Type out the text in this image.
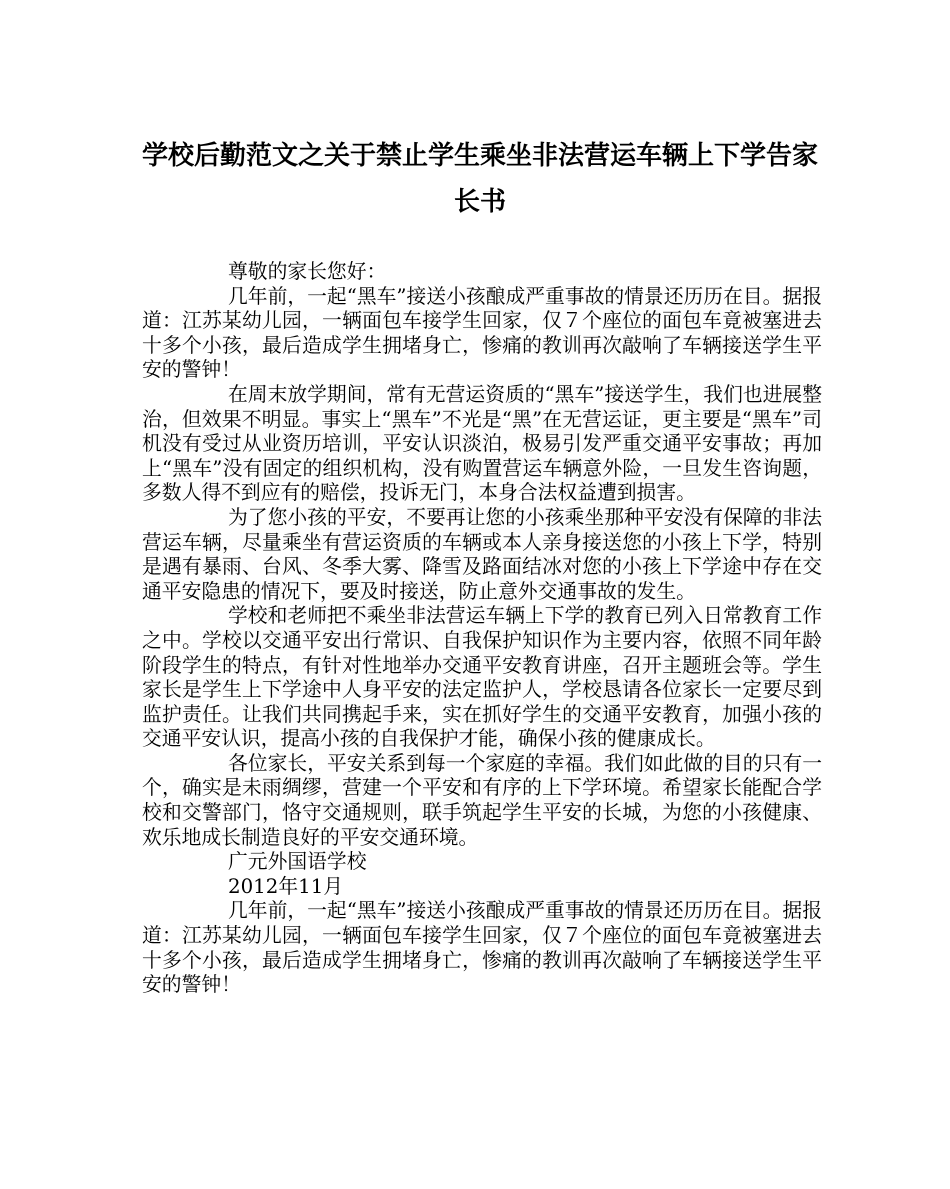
学校后勤范文之关于禁止学生乘坐非法营运车辆上下学告家长书

尊敬的家长您好：

几年前，一起“黑车”接送小孩酿成严重事故的情景还历历在目。据报道：江苏某幼儿园，一辆面包车接学生回家，仅７个座位的面包车竟被塞进去十多个小孩，最后造成学生拥堵身亡，惨痛的教训再次敲响了车辆接送学生平安的警钟！

在周末放学期间，常有无营运资质的“黑车”接送学生，我们也进展整治，但效果不明显。事实上“黑车”不光是“黑”在无营运证，更主要是“黑车”司机没有受过从业资历培训，平安认识淡泊，极易引发严重交通平安事故；再加上“黑车”没有固定的组织机构，没有购置营运车辆意外险，一旦发生咨询题，多数人得不到应有的赔偿，投诉无门，本身合法权益遭到损害。

为了您小孩的平安，不要再让您的小孩乘坐那种平安没有保障的非法营运车辆，尽量乘坐有营运资质的车辆或本人亲身接送您的小孩上下学，特别是遇有暴雨、台风、冬季大雾、降雪及路面结冰对您的小孩上下学途中存在交通平安隐患的情况下，要及时接送，防止意外交通事故的发生。

学校和老师把不乘坐非法营运车辆上下学的教育已列入日常教育工作之中。学校以交通平安出行常识、自我保护知识作为主要内容，依照不同年龄阶段学生的特点，有针对性地举办交通平安教育讲座，召开主题班会等。学生家长是学生上下学途中人身平安的法定监护人，学校恳请各位家长一定要尽到监护责任。让我们共同携起手来，实在抓好学生的交通平安教育，加强小孩的交通平安认识，提高小孩的自我保护才能，确保小孩的健康成长。

各位家长，平安关系到每一个家庭的幸福。我们如此做的目的只有一个，确实是未雨绸缪，营建一个平安和有序的上下学环境。希望家长能配合学校和交警部门，恪守交通规则，联手筑起学生平安的长城，为您的小孩健康、欢乐地成长制造良好的平安交通环境。

广元外国语学校

2012年11月

几年前，一起“黑车”接送小孩酿成严重事故的情景还历历在目。据报道：江苏某幼儿园，一辆面包车接学生回家，仅７个座位的面包车竟被塞进去十多个小孩，最后造成学生拥堵身亡，惨痛的教训再次敲响了车辆接送学生平安的警钟！
